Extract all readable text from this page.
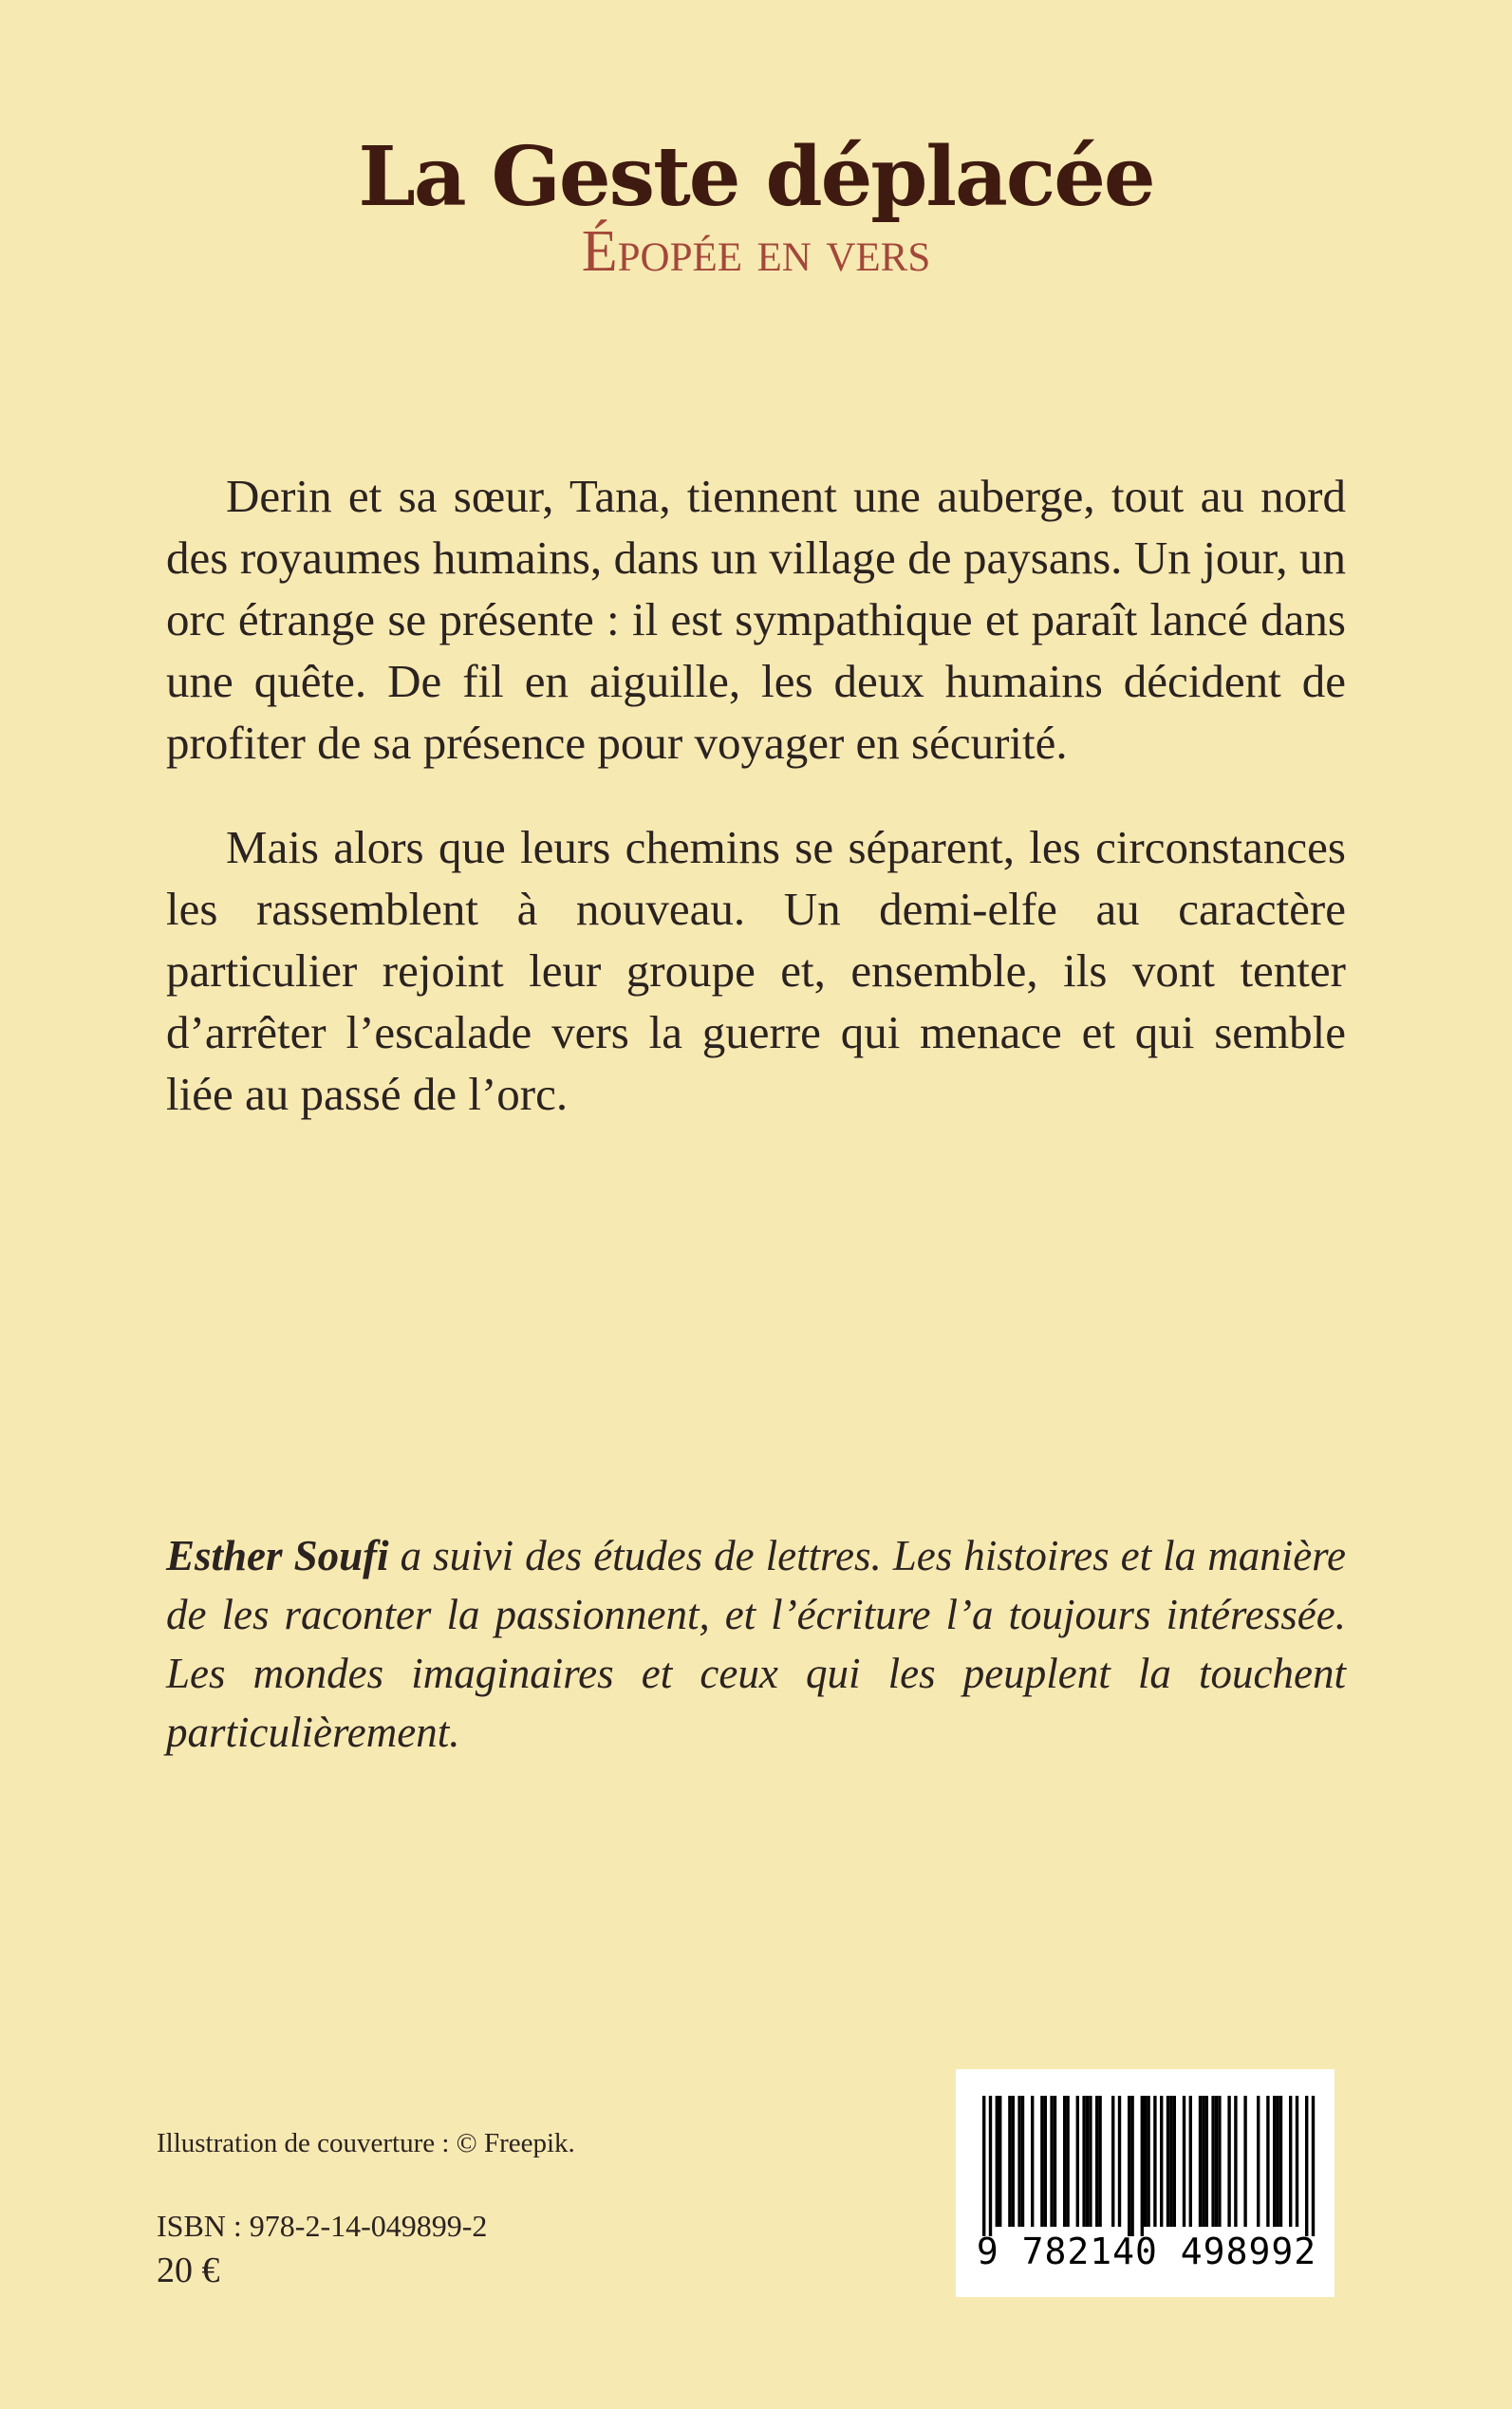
La Geste déplacée
Épopée en vers

Derin et sa sœur, Tana, tiennent une auberge, tout au nord des royaumes humains, dans un village de paysans. Un jour, un orc étrange se présente : il est sympathique et paraît lancé dans une quête. De fil en aiguille, les deux humains décident de profiter de sa présence pour voyager en sécurité.

Mais alors que leurs chemins se séparent, les circonstances les rassemblent à nouveau. Un demi-elfe au caractère particulier rejoint leur groupe et, ensemble, ils vont tenter d’arrêter l’escalade vers la guerre qui menace et qui semble liée au passé de l’orc.

Esther Soufi a suivi des études de lettres. Les histoires et la manière de les raconter la passionnent, et l’écriture l’a toujours intéressée. Les mondes imaginaires et ceux qui les peuplent la touchent particulièrement.
Illustration de couverture : © Freepik.
ISBN : 978-2-14-049899-2
20 €	9 782140 498992
